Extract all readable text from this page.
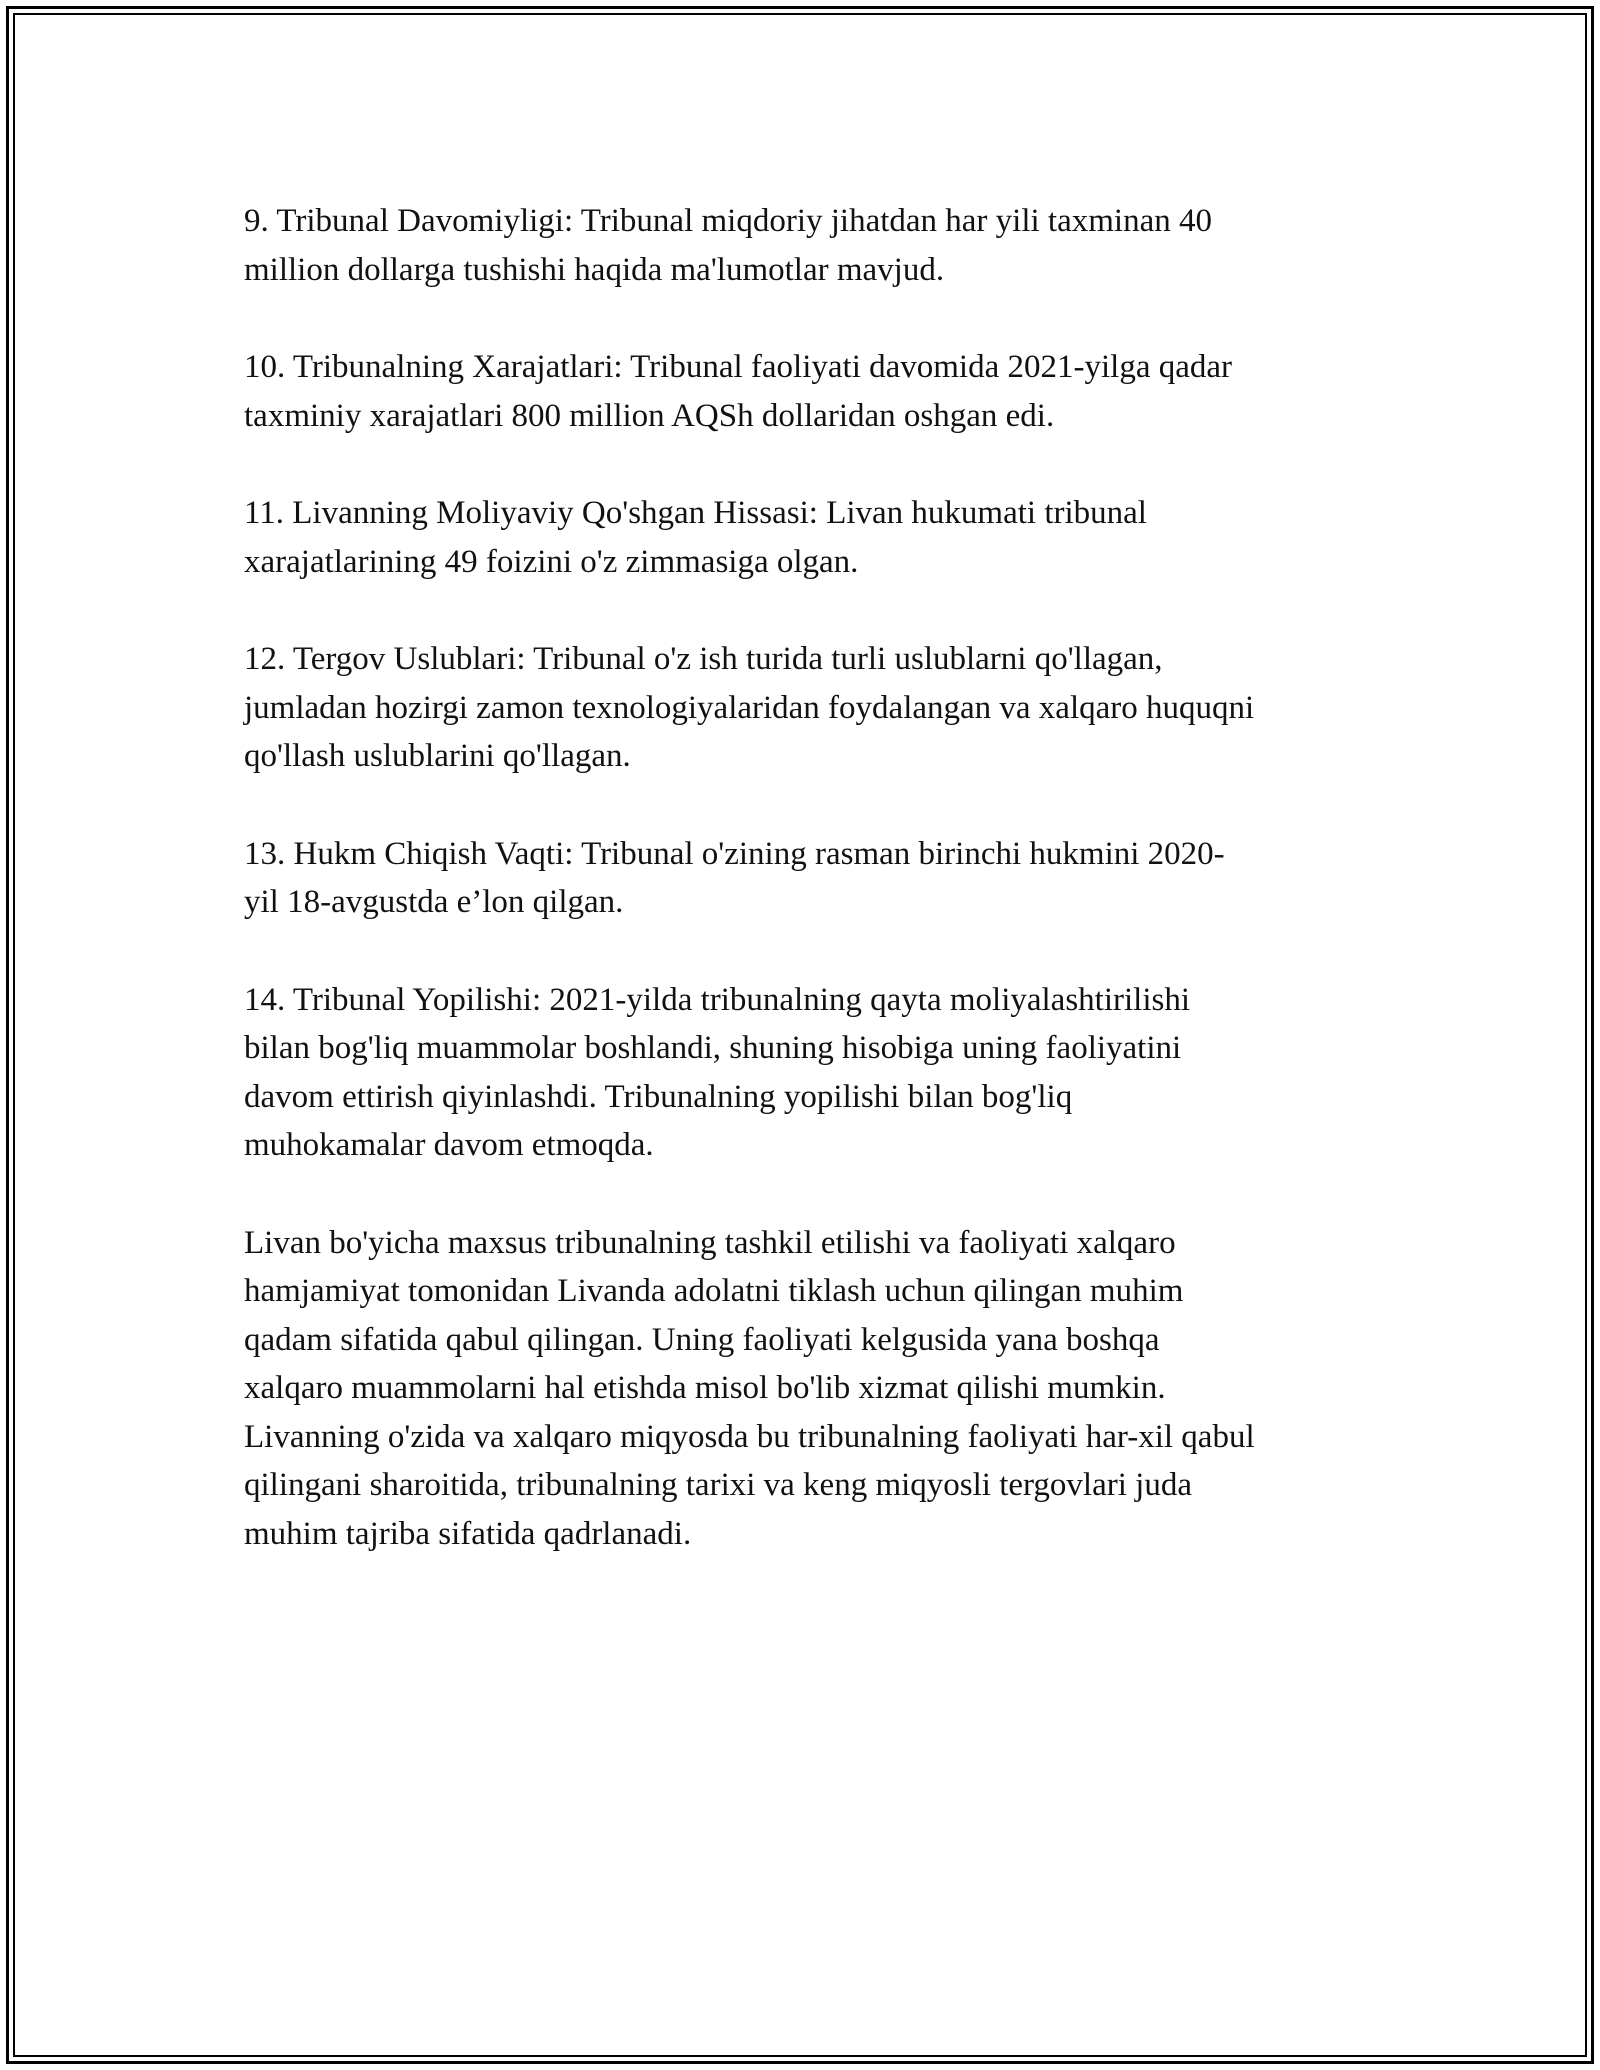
9. Tribunal Davomiyligi: Tribunal miqdoriy jihatdan har yili taxminan 40
million dollarga tushishi haqida ma'lumotlar mavjud.

10. Tribunalning Xarajatlari: Tribunal faoliyati davomida 2021-yilga qadar
taxminiy xarajatlari 800 million AQSh dollaridan oshgan edi.

11. Livanning Moliyaviy Qo'shgan Hissasi: Livan hukumati tribunal
xarajatlarining 49 foizini o'z zimmasiga olgan.

12. Tergov Uslublari: Tribunal o'z ish turida turli uslublarni qo'llagan,
jumladan hozirgi zamon texnologiyalaridan foydalangan va xalqaro huquqni
qo'llash uslublarini qo'llagan.

13. Hukm Chiqish Vaqti: Tribunal o'zining rasman birinchi hukmini 2020-
yil 18-avgustda e’lon qilgan.

14. Tribunal Yopilishi: 2021-yilda tribunalning qayta moliyalashtirilishi
bilan bog'liq muammolar boshlandi, shuning hisobiga uning faoliyatini
davom ettirish qiyinlashdi. Tribunalning yopilishi bilan bog'liq
muhokamalar davom etmoqda.

Livan bo'yicha maxsus tribunalning tashkil etilishi va faoliyati xalqaro
hamjamiyat tomonidan Livanda adolatni tiklash uchun qilingan muhim
qadam sifatida qabul qilingan. Uning faoliyati kelgusida yana boshqa
xalqaro muammolarni hal etishda misol bo'lib xizmat qilishi mumkin.
Livanning o'zida va xalqaro miqyosda bu tribunalning faoliyati har-xil qabul
qilingani sharoitida, tribunalning tarixi va keng miqyosli tergovlari juda
muhim tajriba sifatida qadrlanadi.
